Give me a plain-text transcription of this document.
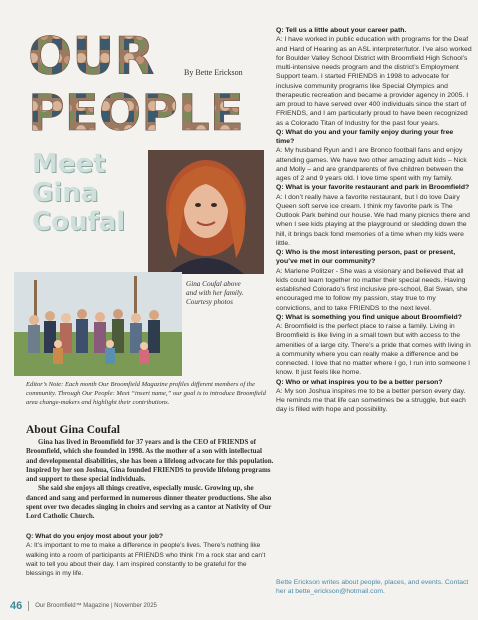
OUR
PEOPLE
By Bette Erickson
Meet
Gina
Coufal
Gina Coufal above
and with her family.
Courtesy photos
Editor’s Note: Each month Our Broomfield Magazine profiles different members of the community. Through Our People: Meet “insert name,” our goal is to introduce Broomfield area change-makers and highlight their contributions.
About Gina Coufal

Gina has lived in Broomfield for 37 years and is the CEO of FRIENDS of Broomfield, which she founded in 1998. As the mother of a son with intellectual and developmental disabilities, she has been a lifelong advocate for this population. Inspired by her son Joshua, Gina founded FRIENDS to provide lifelong programs and support to these special individuals.

She said she enjoys all things creative, especially music. Growing up, she danced and sang and performed in numerous dinner theater productions. She also spent over two decades singing in choirs and serving as a cantor at Nativity of Our Lord Catholic Church.

Q: What do you enjoy most about your job?
A: It’s important to me to make a difference in people’s lives. There’s nothing like walking into a room of participants at FRIENDS who think I’m a rock star and can’t wait to tell you about their day. I am inspired constantly to be grateful for the blessings in my life.
Q: Tell us a little about your career path.
A: I have worked in public education with programs for the Deaf and Hard of Hearing as an ASL interpreter/tutor. I’ve also worked for Boulder Valley School District with Broomfield High School’s multi-intensive needs program and the district’s Employment Support team. I started FRIENDS in 1998 to advocate for inclusive community programs like Special Olympics and therapeutic recreation and became a provider agency in 2005. I am proud to have served over 400 individuals since the start of FRIENDS, and I am particularly proud to have been recognized as a Colorado Titan of Industry for the past four years.
Q: What do you and your family enjoy during your free time?
A: My husband Ryun and I are Bronco football fans and enjoy attending games. We have two other amazing adult kids – Nick and Molly – and are grandparents of five children between the ages of 2 and 9 years old. I love time spent with my family.
Q: What is your favorite restaurant and park in Broomfield?
A: I don’t really have a favorite restaurant, but I do love Dairy Queen soft serve ice cream. I think my favorite park is The Outlook Park behind our house. We had many picnics there and when I see kids playing at the playground or sledding down the hill, it brings back fond memories of a time when my kids were little.
Q: Who is the most interesting person, past or present, you’ve met in our community?
A: Marlene Politzer - She was a visionary and believed that all kids could learn together no matter their special needs. Having established Colorado’s first inclusive pre-school, Bal Swan, she encouraged me to follow my passion, stay true to my convictions, and to take FRIENDS to the next level.
Q: What is something you find unique about Broomfield?
A: Broomfield is the perfect place to raise a family. Living in Broomfield is like living in a small town but with access to the amenities of a large city. There’s a pride that comes with living in a community where you can really make a difference and be connected. I love that no matter where I go, I run into someone I know. It just feels like home.
Q: Who or what inspires you to be a better person?
A: My son Joshua inspires me to be a better person every day. He reminds me that life can sometimes be a struggle, but each day is filled with hope and possibility.
Bette Erickson writes about people, places, and events. Contact her at bette_erickson@hotmail.com.
46 Our Broomfield™ Magazine | November 2025
